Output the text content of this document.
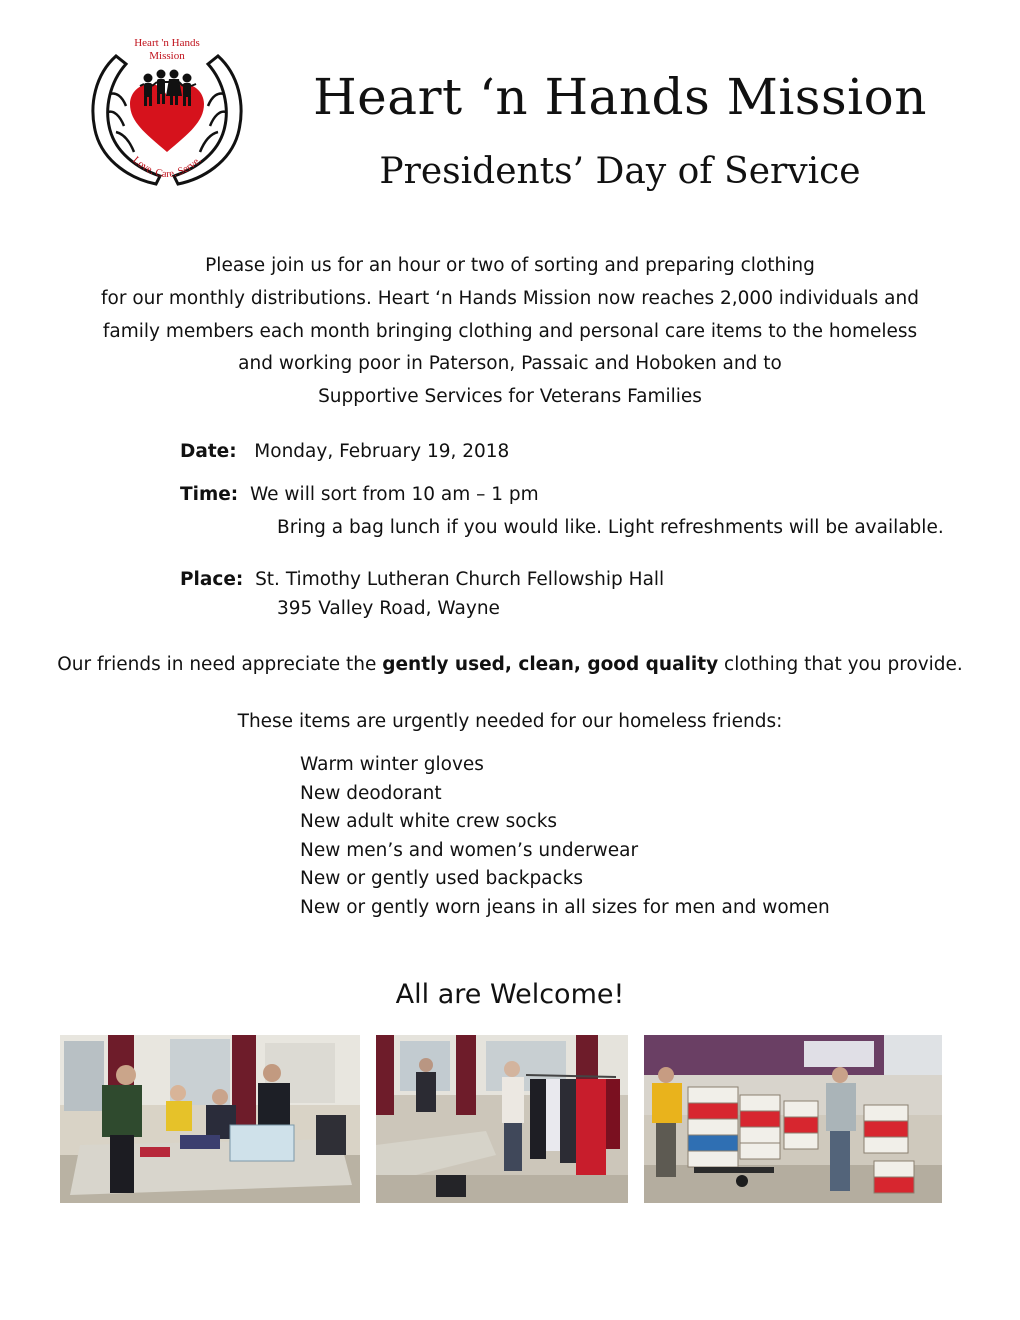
Heart 'n Hands
Mission
Love. Care. Serve.
Heart ‘n Hands Mission
Presidents’ Day of Service

Please join us for an hour or two of sorting and preparing clothing
for our monthly distributions. Heart ‘n Hands Mission now reaches 2,000 individuals and
family members each month bringing clothing and personal care items to the homeless
and working poor in Paterson, Passaic and Hoboken and to
Supportive Services for Veterans Families

Date: Monday, February 19, 2018
Time: We will sort from 10 am – 1 pm
Bring a bag lunch if you would like. Light refreshments will be available.
Place: St. Timothy Lutheran Church Fellowship Hall
395 Valley Road, Wayne
Our friends in need appreciate the gently used, clean, good quality clothing that you provide.
These items are urgently needed for our homeless friends:
Warm winter gloves
New deodorant
New adult white crew socks
New men’s and women’s underwear
New or gently used backpacks
New or gently worn jeans in all sizes for men and women
All are Welcome!
